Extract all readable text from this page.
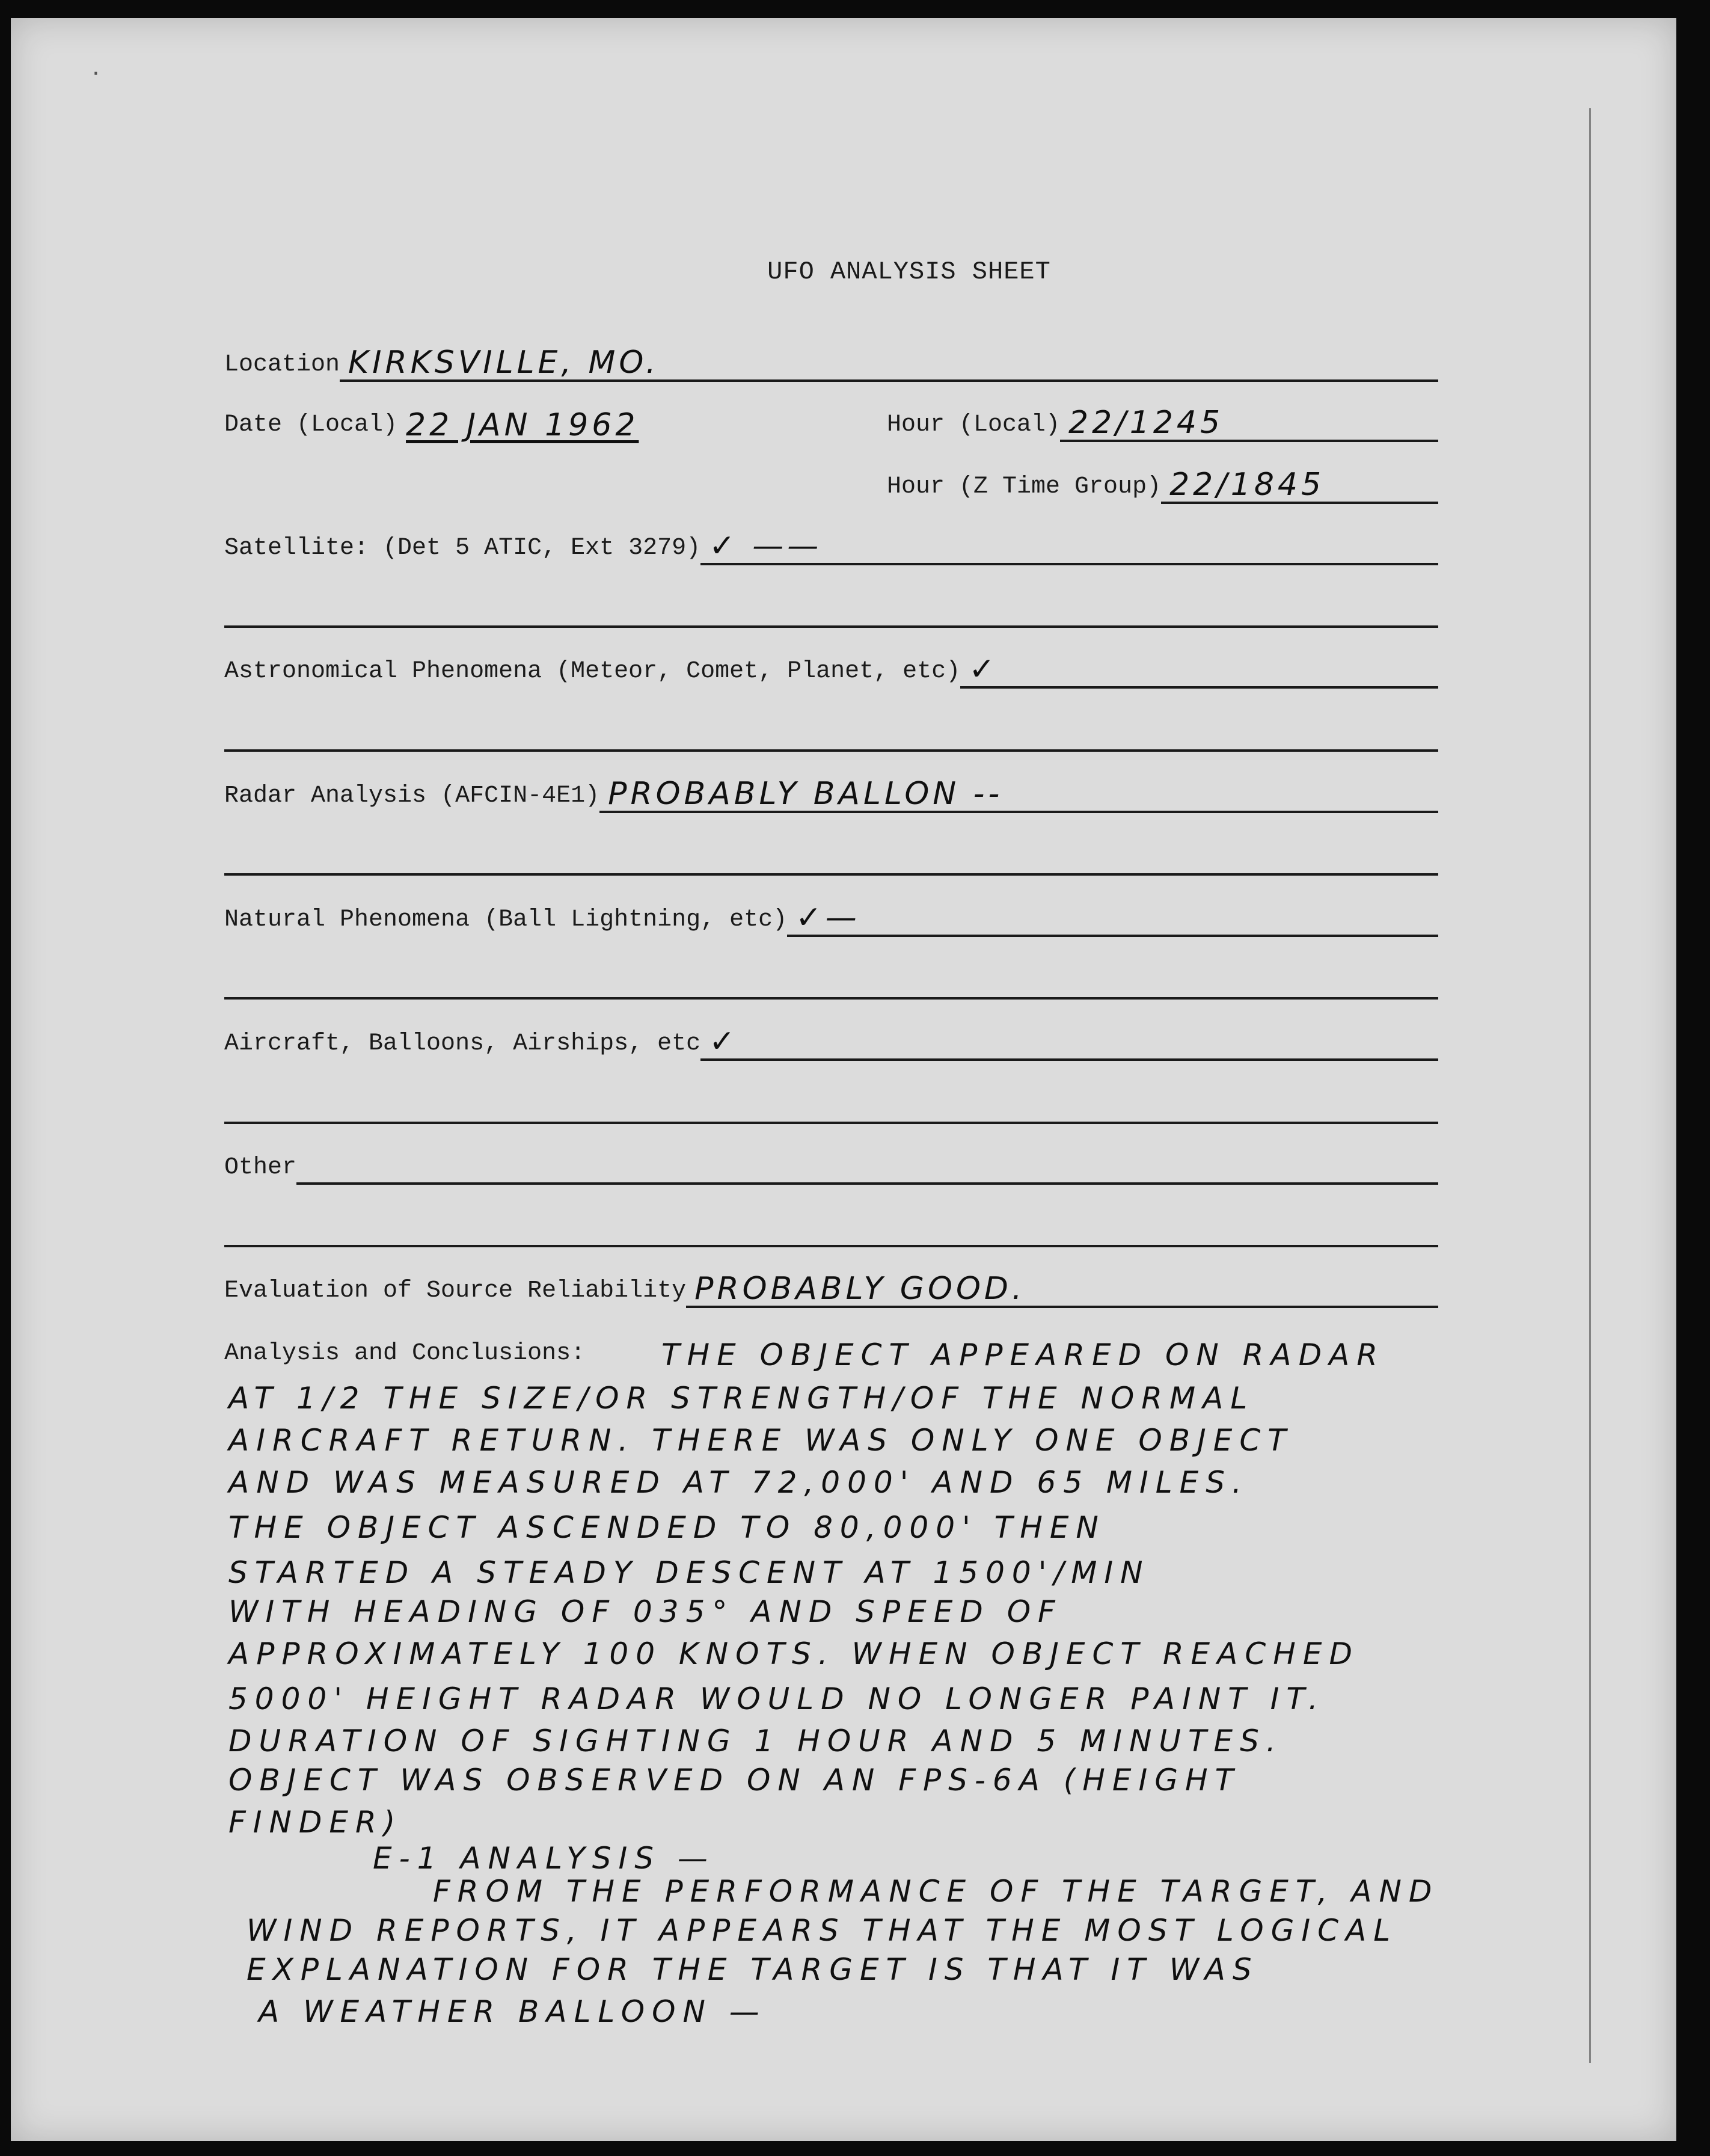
·
UFO ANALYSIS SHEET
Location KIRKSVILLE, MO.
Date (Local) 22 JAN 1962	Hour (Local) 22/1245
Hour (Z Time Group) 22/1845
Satellite: (Det 5 ATIC, Ext 3279) ✓ ——
Astronomical Phenomena (Meteor, Comet, Planet, etc) ✓
Radar Analysis (AFCIN-4E1) PROBABLY BALLON --
Natural Phenomena (Ball Lightning, etc) ✓—
Aircraft, Balloons, Airships, etc ✓
Other
Evaluation of Source Reliability PROBABLY GOOD.
Analysis and Conclusions:	THE OBJECT APPEARED ON RADAR
AT 1/2 THE SIZE/OR STRENGTH/OF THE NORMAL
AIRCRAFT RETURN. THERE WAS ONLY ONE OBJECT
AND WAS MEASURED AT 72,000' AND 65 MILES.
THE OBJECT ASCENDED TO 80,000' THEN
STARTED A STEADY DESCENT AT 1500'/MIN
WITH HEADING OF 035° AND SPEED OF
APPROXIMATELY 100 KNOTS. WHEN OBJECT REACHED
5000' HEIGHT RADAR WOULD NO LONGER PAINT IT.
DURATION OF SIGHTING 1 HOUR AND 5 MINUTES.
OBJECT WAS OBSERVED ON AN FPS-6A (HEIGHT
FINDER)
E-1 ANALYSIS —
FROM THE PERFORMANCE OF THE TARGET, AND
WIND REPORTS, IT APPEARS THAT THE MOST LOGICAL
EXPLANATION FOR THE TARGET IS THAT IT WAS
A WEATHER BALLOON —
